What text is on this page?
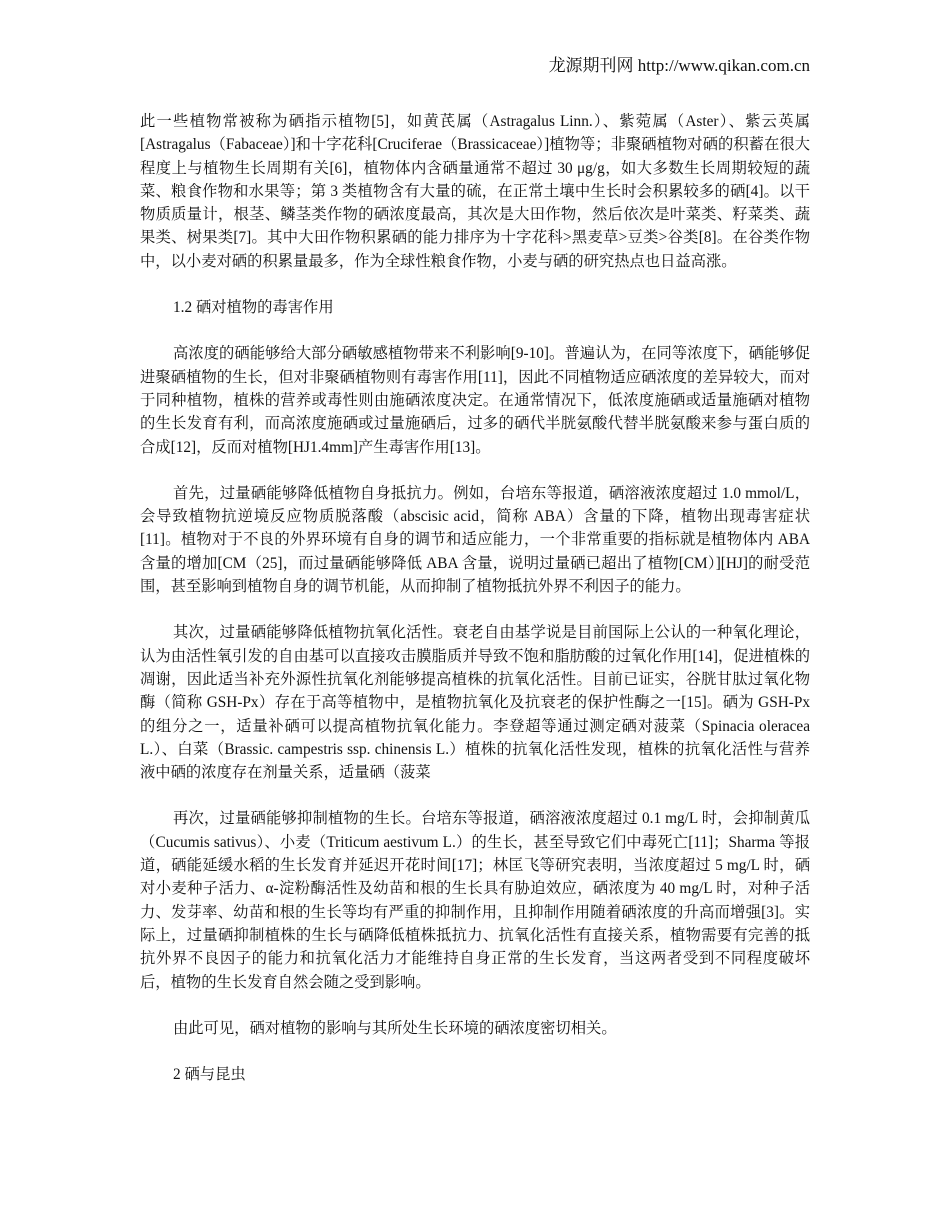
龙源期刊网 http://www.qikan.com.cn

此一些植物常被称为硒指示植物[5]，如黄芪属（Astragalus Linn.）、紫菀属（Aster）、紫云英属[Astragalus（Fabaceae）]和十字花科[Cruciferae（Brassicaceae）]植物等；非聚硒植物对硒的积蓄在很大程度上与植物生长周期有关[6]，植物体内含硒量通常不超过 30 μg/g，如大多数生长周期较短的蔬菜、粮食作物和水果等；第 3 类植物含有大量的硫，在正常土壤中生长时会积累较多的硒[4]。以干物质质量计，根茎、鳞茎类作物的硒浓度最高，其次是大田作物，然后依次是叶菜类、籽菜类、蔬果类、树果类[7]。其中大田作物积累硒的能力排序为十字花科>黑麦草>豆类>谷类[8]。在谷类作物中，以小麦对硒的积累量最多，作为全球性粮食作物，小麦与硒的研究热点也日益高涨。

1.2 硒对植物的毒害作用

高浓度的硒能够给大部分硒敏感植物带来不利影响[9-10]。普遍认为，在同等浓度下，硒能够促进聚硒植物的生长，但对非聚硒植物则有毒害作用[11]，因此不同植物适应硒浓度的差异较大，而对于同种植物，植株的营养或毒性则由施硒浓度决定。在通常情况下，低浓度施硒或适量施硒对植物的生长发育有利，而高浓度施硒或过量施硒后，过多的硒代半胱氨酸代替半胱氨酸来参与蛋白质的合成[12]，反而对植物[HJ1.4mm]产生毒害作用[13]。

首先，过量硒能够降低植物自身抵抗力。例如，台培东等报道，硒溶液浓度超过 1.0 mmol/L，会导致植物抗逆境反应物质脱落酸（abscisic acid，简称 ABA）含量的下降，植物出现毒害症状[11]。植物对于不良的外界环境有自身的调节和适应能力，一个非常重要的指标就是植物体内 ABA 含量的增加[CM（25]，而过量硒能够降低 ABA 含量，说明过量硒已超出了植物[CM）][HJ]的耐受范围，甚至影响到植物自身的调节机能，从而抑制了植物抵抗外界不利因子的能力。

其次，过量硒能够降低植物抗氧化活性。衰老自由基学说是目前国际上公认的一种氧化理论，认为由活性氧引发的自由基可以直接攻击膜脂质并导致不饱和脂肪酸的过氧化作用[14]，促进植株的凋谢，因此适当补充外源性抗氧化剂能够提高植株的抗氧化活性。目前已证实，谷胱甘肽过氧化物酶（简称 GSH-Px）存在于高等植物中，是植物抗氧化及抗衰老的保护性酶之一[15]。硒为 GSH-Px 的组分之一，适量补硒可以提高植物抗氧化能力。李登超等通过测定硒对菠菜（Spinacia oleracea L.）、白菜（Brassic. campestris ssp. chinensis L.）植株的抗氧化活性发现，植株的抗氧化活性与营养液中硒的浓度存在剂量关系，适量硒（菠菜

再次，过量硒能够抑制植物的生长。台培东等报道，硒溶液浓度超过 0.1 mg/L 时，会抑制黄瓜（Cucumis sativus）、小麦（Triticum aestivum L.）的生长，甚至导致它们中毒死亡[11]；Sharma 等报道，硒能延缓水稻的生长发育并延迟开花时间[17]；林匡飞等研究表明，当浓度超过 5 mg/L 时，硒对小麦种子活力、α-淀粉酶活性及幼苗和根的生长具有胁迫效应，硒浓度为 40 mg/L 时，对种子活力、发芽率、幼苗和根的生长等均有严重的抑制作用，且抑制作用随着硒浓度的升高而增强[3]。实际上，过量硒抑制植株的生长与硒降低植株抵抗力、抗氧化活性有直接关系，植物需要有完善的抵抗外界不良因子的能力和抗氧化活力才能维持自身正常的生长发育，当这两者受到不同程度破坏后，植物的生长发育自然会随之受到影响。

由此可见，硒对植物的影响与其所处生长环境的硒浓度密切相关。

2 硒与昆虫
